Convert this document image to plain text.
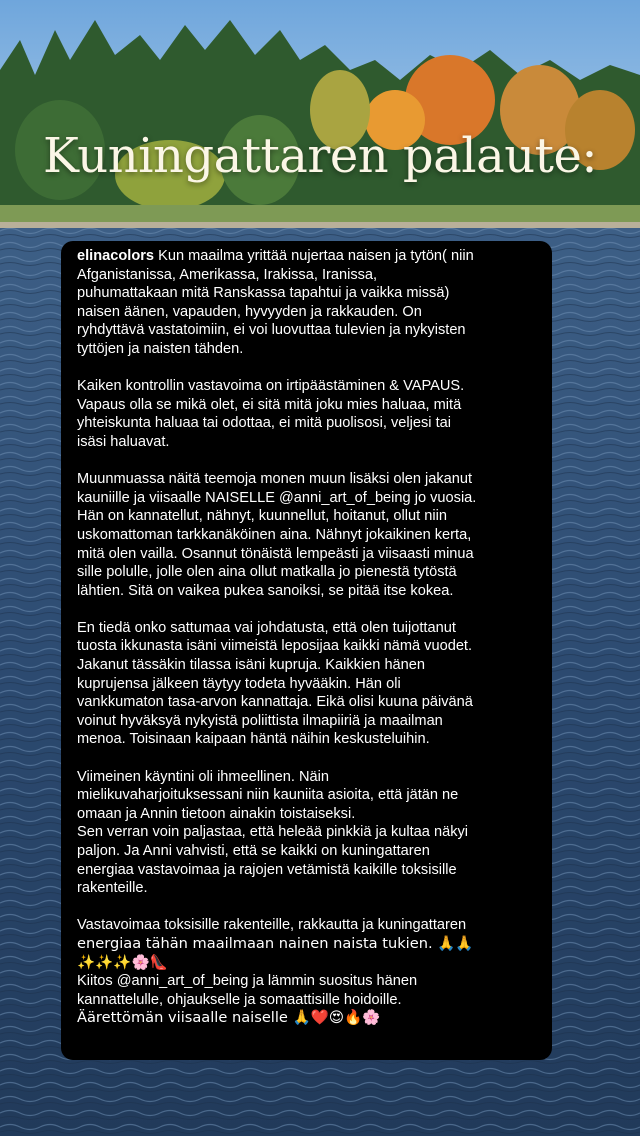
Kuningattaren palaute:
elinacolors Kun maailma yrittää nujertaa naisen ja tytön( niin
Afganistanissa, Amerikassa, Irakissa, Iranissa,
puhumattakaan mitä Ranskassa tapahtui ja vaikka missä)
naisen äänen, vapauden, hyvyyden ja rakkauden. On
ryhdyttävä vastatoimiin, ei voi luovuttaa tulevien ja nykyisten
tyttöjen ja naisten tähden.
Kaiken kontrollin vastavoima on irtipäästäminen & VAPAUS.
Vapaus olla se mikä olet, ei sitä mitä joku mies haluaa, mitä
yhteiskunta haluaa tai odottaa, ei mitä puolisosi, veljesi tai
isäsi haluavat.
Muunmuassa näitä teemoja monen muun lisäksi olen jakanut
kauniille ja viisaalle NAISELLE @anni_art_of_being jo vuosia.
Hän on kannatellut, nähnyt, kuunnellut, hoitanut, ollut niin
uskomattoman tarkkanäköinen aina. Nähnyt jokaikinen kerta,
mitä olen vailla. Osannut tönäistä lempeästi ja viisaasti minua
sille polulle, jolle olen aina ollut matkalla jo pienestä tytöstä
lähtien. Sitä on vaikea pukea sanoiksi, se pitää itse kokea.
En tiedä onko sattumaa vai johdatusta, että olen tuijottanut
tuosta ikkunasta isäni viimeistä leposijaa kaikki nämä vuodet.
Jakanut tässäkin tilassa isäni kupruja. Kaikkien hänen
kuprujensa jälkeen täytyy todeta hyvääkin. Hän oli
vankkumaton tasa-arvon kannattaja. Eikä olisi kuuna päivänä
voinut hyväksyä nykyistä poliittista ilmapiiriä ja maailman
menoa. Toisinaan kaipaan häntä näihin keskusteluihin.
Viimeinen käyntini oli ihmeellinen. Näin
mielikuvaharjoituksessani niin kauniita asioita, että jätän ne
omaan ja Annin tietoon ainakin toistaiseksi.
Sen verran voin paljastaa, että heleää pinkkiä ja kultaa näkyi
paljon. Ja Anni vahvisti, että se kaikki on kuningattaren
energiaa vastavoimaa ja rajojen vetämistä kaikille toksisille
rakenteille.
Vastavoimaa toksisille rakenteille, rakkautta ja kuningattaren
energiaa tähän maailmaan nainen naista tukien. 🙏🙏
✨✨✨🌸👠
Kiitos @anni_art_of_being ja lämmin suositus hänen
kannattelulle, ohjaukselle ja somaattisille hoidoille.
Äärettömän viisaalle naiselle 🙏❤️😍🔥🌸
